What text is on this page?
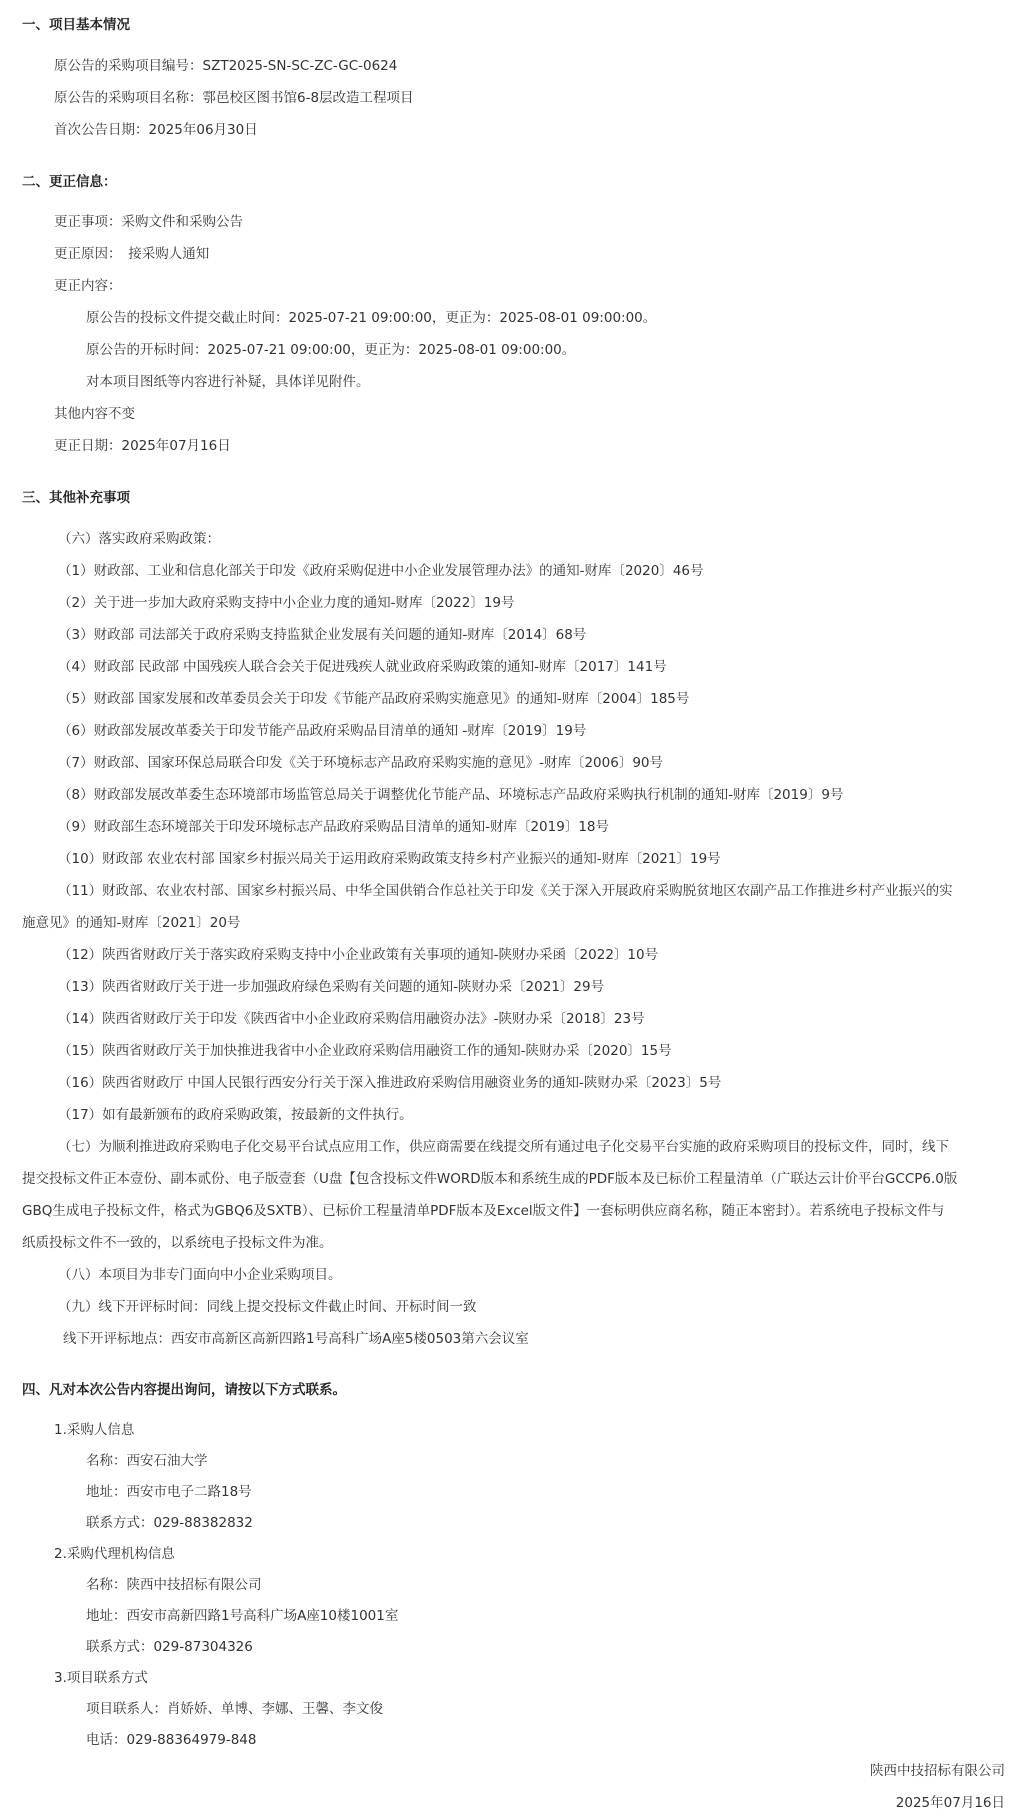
一、项目基本情况
原公告的采购项目编号：SZT2025-SN-SC-ZC-GC-0624
原公告的采购项目名称：鄠邑校区图书馆6-8层改造工程项目
首次公告日期：2025年06月30日
二、更正信息：
更正事项：采购文件和采购公告
更正原因：　接采购人通知
更正内容：
原公告的投标文件提交截止时间：2025-07-21 09:00:00，更正为：2025-08-01 09:00:00。
原公告的开标时间：2025-07-21 09:00:00，更正为：2025-08-01 09:00:00。
对本项目图纸等内容进行补疑，具体详见附件。
其他内容不变
更正日期：2025年07月16日
三、其他补充事项
（六）落实政府采购政策：
（1）财政部、工业和信息化部关于印发《政府采购促进中小企业发展管理办法》的通知-财库〔2020〕46号
（2）关于进一步加大政府采购支持中小企业力度的通知-财库〔2022〕19号
（3）财政部 司法部关于政府采购支持监狱企业发展有关问题的通知-财库〔2014〕68号
（4）财政部 民政部 中国残疾人联合会关于促进残疾人就业政府采购政策的通知-财库〔2017〕141号
（5）财政部 国家发展和改革委员会关于印发《节能产品政府采购实施意见》的通知-财库〔2004〕185号
（6）财政部发展改革委关于印发节能产品政府采购品目清单的通知 -财库〔2019〕19号
（7）财政部、国家环保总局联合印发《关于环境标志产品政府采购实施的意见》-财库〔2006〕90号
（8）财政部发展改革委生态环境部市场监管总局关于调整优化节能产品、环境标志产品政府采购执行机制的通知-财库〔2019〕9号
（9）财政部生态环境部关于印发环境标志产品政府采购品目清单的通知-财库〔2019〕18号
（10）财政部 农业农村部 国家乡村振兴局关于运用政府采购政策支持乡村产业振兴的通知-财库〔2021〕19号
（11）财政部、农业农村部、国家乡村振兴局、中华全国供销合作总社关于印发《关于深入开展政府采购脱贫地区农副产品工作推进乡村产业振兴的实
施意见》的通知-财库〔2021〕20号
（12）陕西省财政厅关于落实政府采购支持中小企业政策有关事项的通知-陕财办采函〔2022〕10号
（13）陕西省财政厅关于进一步加强政府绿色采购有关问题的通知-陕财办采〔2021〕29号
（14）陕西省财政厅关于印发《陕西省中小企业政府采购信用融资办法》-陕财办采〔2018〕23号
（15）陕西省财政厅关于加快推进我省中小企业政府采购信用融资工作的通知-陕财办采〔2020〕15号
（16）陕西省财政厅 中国人民银行西安分行关于深入推进政府采购信用融资业务的通知-陕财办采〔2023〕5号
（17）如有最新颁布的政府采购政策，按最新的文件执行。
（七）为顺利推进政府采购电子化交易平台试点应用工作，供应商需要在线提交所有通过电子化交易平台实施的政府采购项目的投标文件，同时，线下
提交投标文件正本壹份、副本贰份、电子版壹套（U盘【包含投标文件WORD版本和系统生成的PDF版本及已标价工程量清单（广联达云计价平台GCCP6.0版
GBQ生成电子投标文件，格式为GBQ6及SXTB）、已标价工程量清单PDF版本及Excel版文件】一套标明供应商名称，随正本密封）。若系统电子投标文件与
纸质投标文件不一致的，以系统电子投标文件为准。
（八）本项目为非专门面向中小企业采购项目。
（九）线下开评标时间：同线上提交投标文件截止时间、开标时间一致
线下开评标地点：西安市高新区高新四路1号高科广场A座5楼0503第六会议室
四、凡对本次公告内容提出询问，请按以下方式联系。
1.采购人信息
名称：西安石油大学
地址：西安市电子二路18号
联系方式：029-88382832
2.采购代理机构信息
名称：陕西中技招标有限公司
地址：西安市高新四路1号高科广场A座10楼1001室
联系方式：029-87304326
3.项目联系方式
项目联系人：肖娇娇、单博、李娜、王馨、李文俊
电话：029-88364979-848
陕西中技招标有限公司
2025年07月16日
